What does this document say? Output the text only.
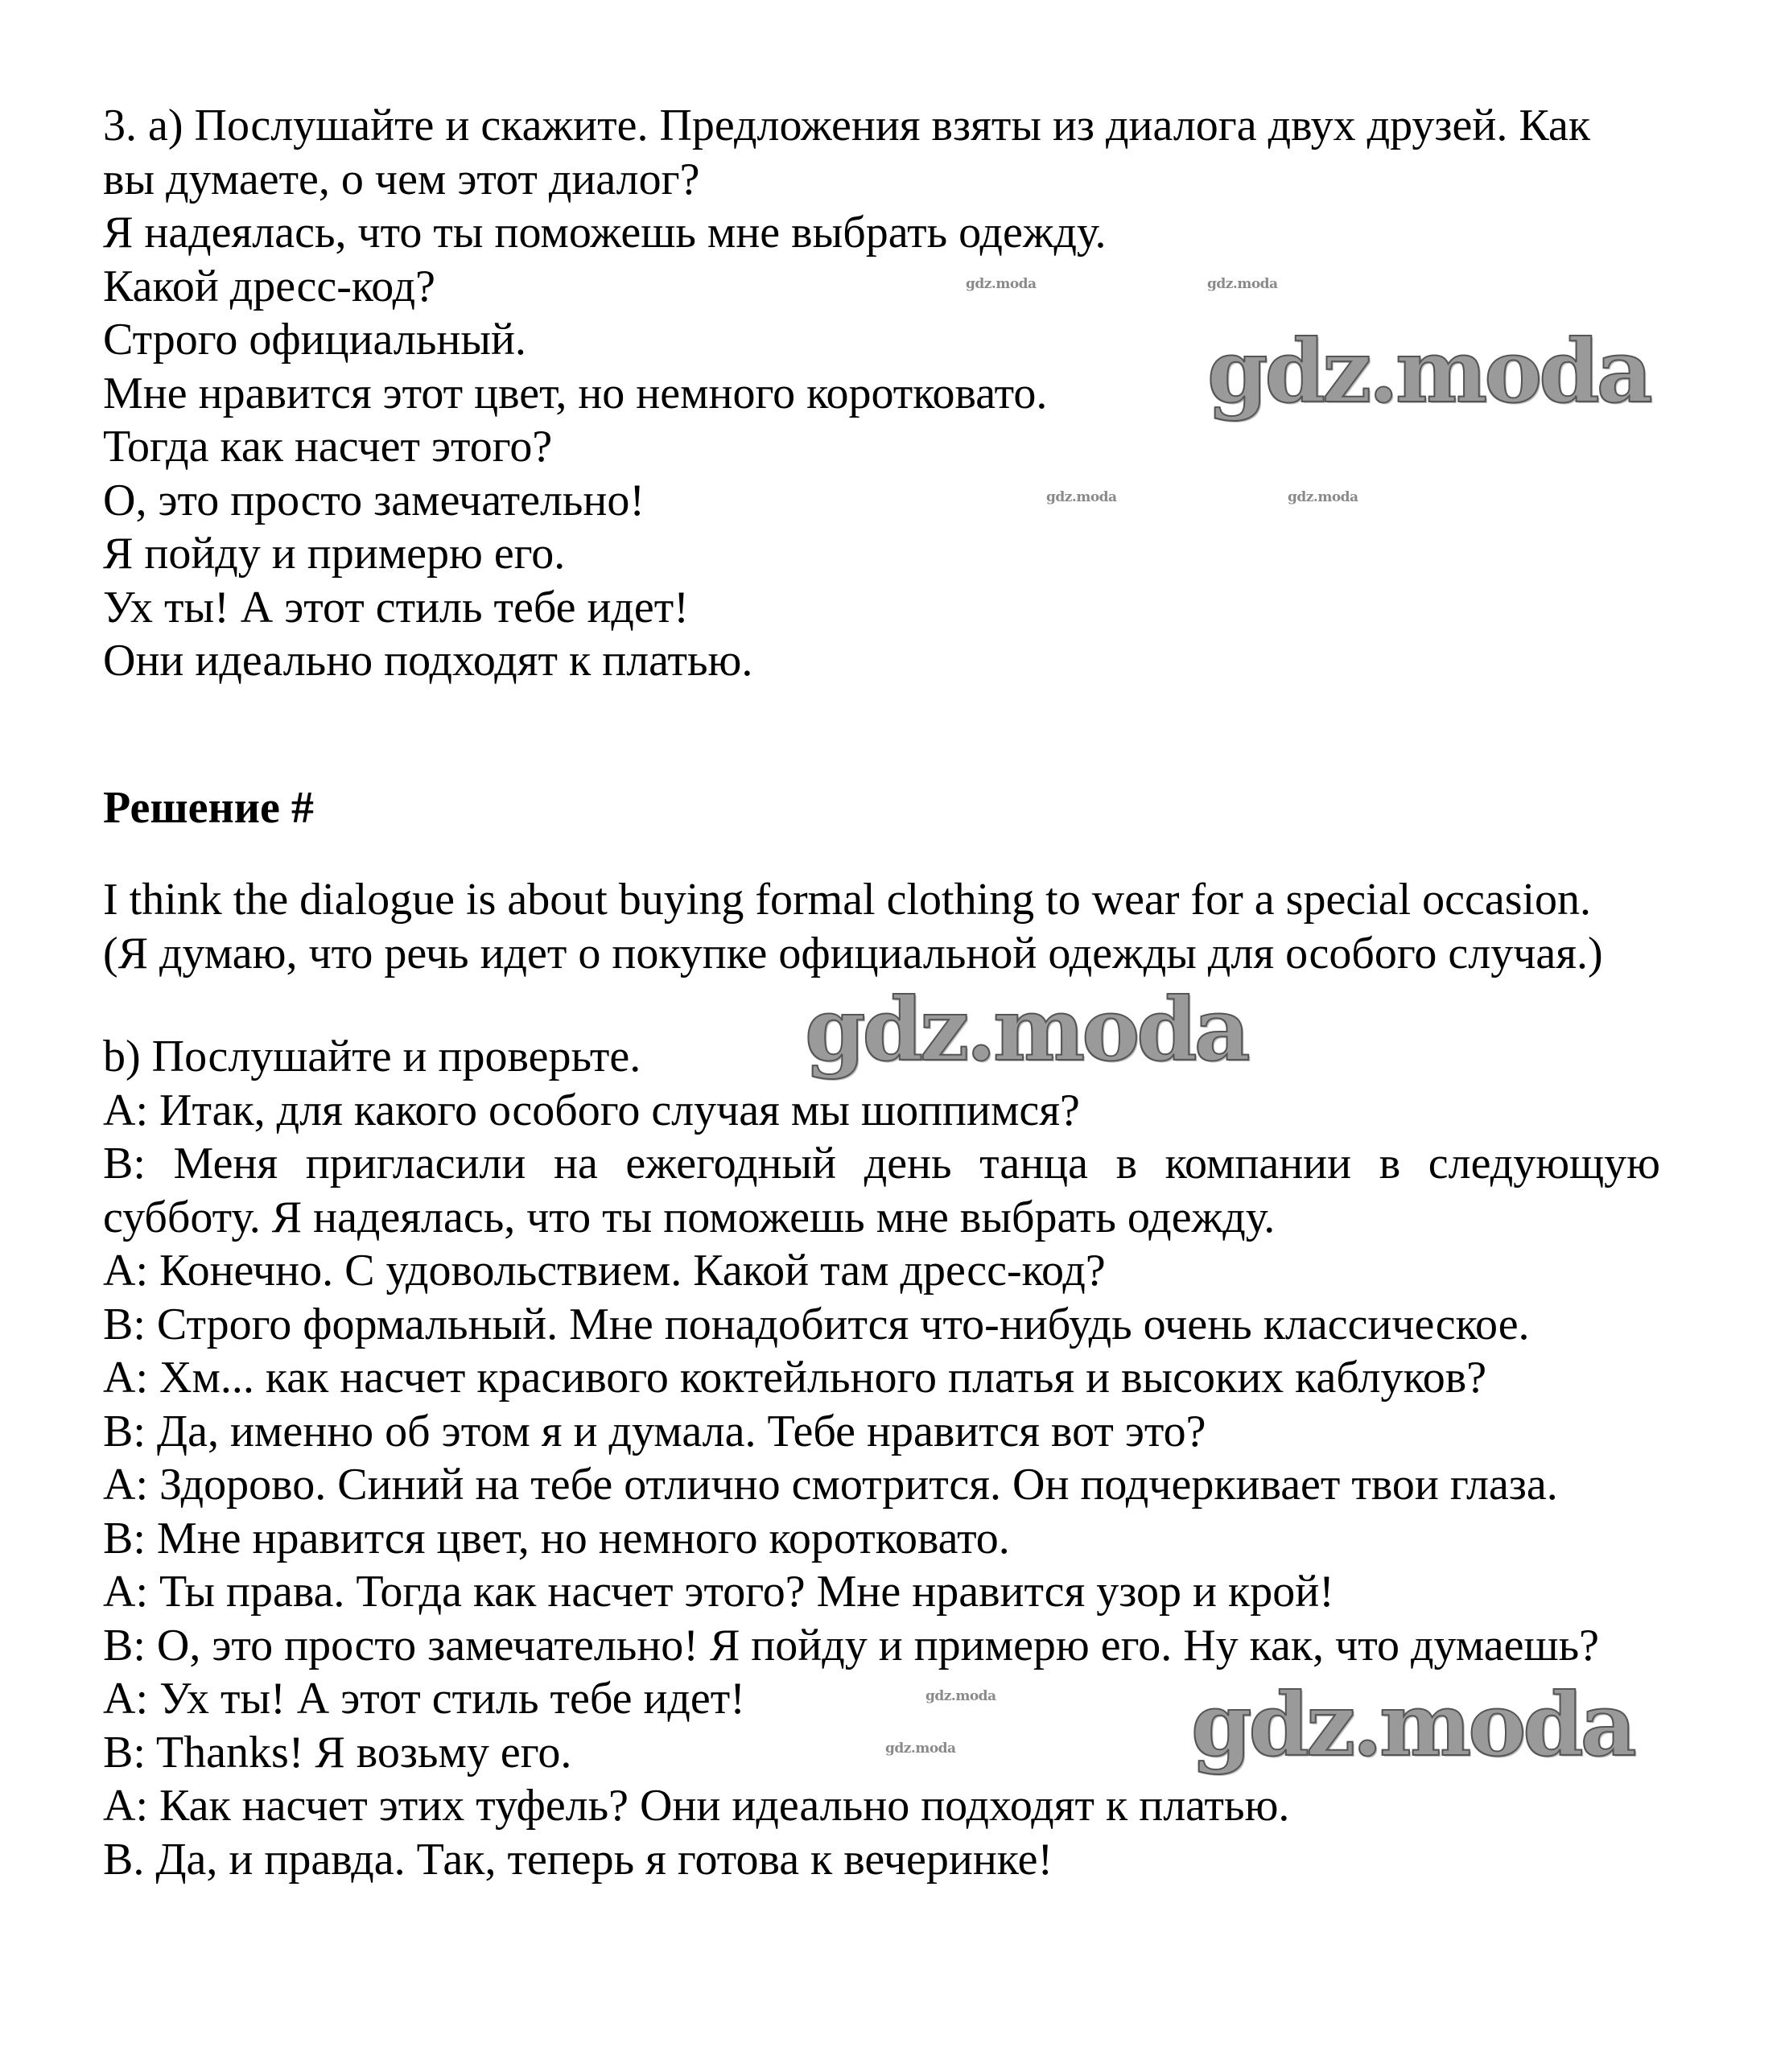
3. а) Послушайте и скажите. Предложения взяты из диалога двух друзей. Как
вы думаете, о чем этот диалог?
Я надеялась, что ты поможешь мне выбрать одежду.
Какой дресс-код?
Строго официальный.
Мне нравится этот цвет, но немного коротковато.
Тогда как насчет этого?
О, это просто замечательно!
Я пойду и примерю его.
Ух ты! А этот стиль тебе идет!
Они идеально подходят к платью.
Решение #
I think the dialogue is about buying formal clothing to wear for a special occasion.
(Я думаю, что речь идет о покупке официальной одежды для особого случая.)
b) Послушайте и проверьте.
A: Итак, для какого особого случая мы шоппимся?
B: Меня пригласили на ежегодный день танца в компании в следующую
субботу. Я надеялась, что ты поможешь мне выбрать одежду.
A: Конечно. С удовольствием. Какой там дресс-код?
B: Строго формальный. Мне понадобится что-нибудь очень классическое.
A: Хм... как насчет красивого коктейльного платья и высоких каблуков?
B: Да, именно об этом я и думала. Тебе нравится вот это?
A: Здорово. Синий на тебе отлично смотрится. Он подчеркивает твои глаза.
B: Мне нравится цвет, но немного коротковато.
A: Ты права. Тогда как насчет этого? Мне нравится узор и крой!
B: О, это просто замечательно! Я пойду и примерю его. Ну как, что думаешь?
A: Ух ты! А этот стиль тебе идет!
B: Thanks! Я возьму его.
A: Как насчет этих туфель? Они идеально подходят к платью.
B. Да, и правда. Так, теперь я готова к вечеринке!
gdz.moda
gdz.moda
gdz.moda
gdz.moda	gdz.moda
gdz.moda	gdz.moda
gdz.moda
gdz.moda
